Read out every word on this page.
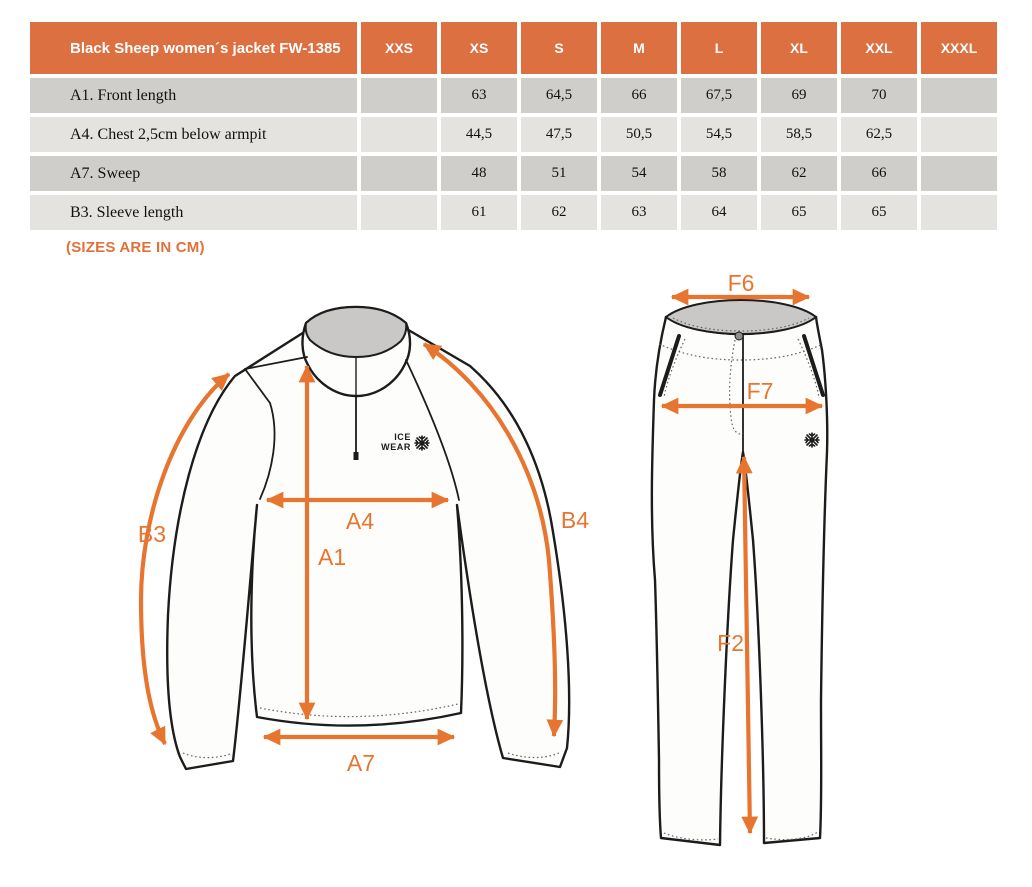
Black Sheep women´s jacket FW-1385	XXS	XS	S	M	L	XL	XXL	XXXL
A1. Front length		63	64,5	66	67,5	69	70	
A4. Chest 2,5cm below armpit		44,5	47,5	50,5	54,5	58,5	62,5	
A7. Sweep		48	51	54	58	62	66	
B3. Sleeve length		61	62	63	64	65	65	
(SIZES ARE IN CM)
ICE
WEAR
A1
A4
A7
B3
B4
F6
F7
F2
